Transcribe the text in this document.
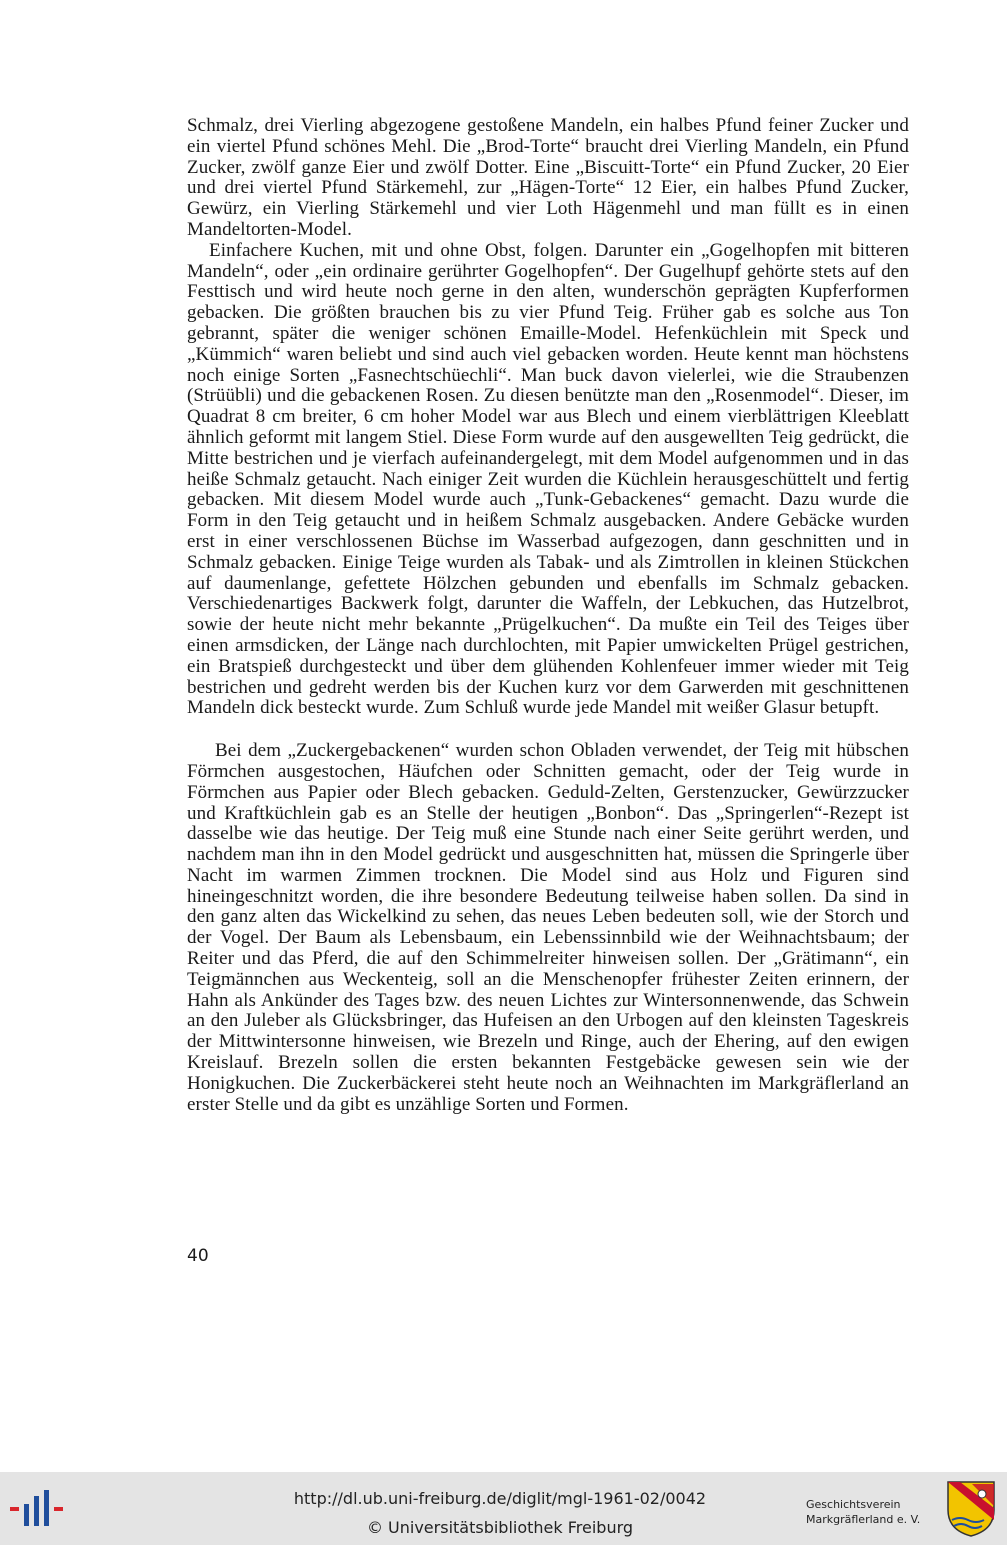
Schmalz, drei Vierling abgezogene gestoßene Mandeln, ein halbes Pfund feiner Zucker und ein viertel Pfund schönes Mehl. Die „Brod-Torte“ braucht drei Vierling Mandeln, ein Pfund Zucker, zwölf ganze Eier und zwölf Dotter. Eine „Biscuitt-Torte“ ein Pfund Zucker, 20 Eier und drei viertel Pfund Stärkemehl, zur „Hägen-Torte“ 12 Eier, ein halbes Pfund Zucker, Gewürz, ein Vierling Stärkemehl und vier Loth Hägenmehl und man füllt es in einen Mandeltorten-Model.

Einfachere Kuchen, mit und ohne Obst, folgen. Darunter ein „Gogelhopfen mit bitteren Mandeln“, oder „ein ordinaire gerührter Gogelhopfen“. Der Gugelhupf gehörte stets auf den Festtisch und wird heute noch gerne in den alten, wunderschön geprägten Kupferformen gebacken. Die größten brauchen bis zu vier Pfund Teig. Früher gab es solche aus Ton gebrannt, später die weniger schönen Emaille-Model. Hefenküchlein mit Speck und „Kümmich“ waren beliebt und sind auch viel gebacken worden. Heute kennt man höchstens noch einige Sorten „Fasnechtschüechli“. Man buck davon vielerlei, wie die Straubenzen (Strüübli) und die gebackenen Rosen. Zu diesen benützte man den „Rosenmodel“. Dieser, im Quadrat 8 cm breiter, 6 cm hoher Model war aus Blech und einem vierblättrigen Kleeblatt ähnlich geformt mit langem Stiel. Diese Form wurde auf den ausgewellten Teig gedrückt, die Mitte bestrichen und je vierfach aufeinandergelegt, mit dem Model aufgenommen und in das heiße Schmalz getaucht. Nach einiger Zeit wurden die Küchlein herausgeschüttelt und fertig gebacken. Mit diesem Model wurde auch „Tunk-Gebackenes“ gemacht. Dazu wurde die Form in den Teig getaucht und in heißem Schmalz ausgebacken. Andere Gebäcke wurden erst in einer verschlossenen Büchse im Wasserbad aufgezogen, dann geschnitten und in Schmalz gebacken. Einige Teige wurden als Tabak- und als Zimtrollen in kleinen Stückchen auf daumenlange, gefettete Hölzchen gebunden und ebenfalls im Schmalz gebacken. Verschiedenartiges Backwerk folgt, darunter die Waffeln, der Lebkuchen, das Hutzelbrot, sowie der heute nicht mehr bekannte „Prügelkuchen“. Da mußte ein Teil des Teiges über einen armsdicken, der Länge nach durchlochten, mit Papier umwickelten Prügel gestrichen, ein Bratspieß durchgesteckt und über dem glühenden Kohlenfeuer immer wieder mit Teig bestrichen und gedreht werden bis der Kuchen kurz vor dem Garwerden mit geschnittenen Mandeln dick besteckt wurde. Zum Schluß wurde jede Mandel mit weißer Glasur betupft.

Bei dem „Zuckergebackenen“ wurden schon Obladen verwendet, der Teig mit hübschen Förmchen ausgestochen, Häufchen oder Schnitten gemacht, oder der Teig wurde in Förmchen aus Papier oder Blech gebacken. Geduld-Zelten, Gerstenzucker, Gewürzzucker und Kraftküchlein gab es an Stelle der heutigen „Bonbon“. Das „Springerlen“-Rezept ist dasselbe wie das heutige. Der Teig muß eine Stunde nach einer Seite gerührt werden, und nachdem man ihn in den Model gedrückt und ausgeschnitten hat, müssen die Springerle über Nacht im warmen Zimmen trocknen. Die Model sind aus Holz und Figuren sind hineingeschnitzt worden, die ihre besondere Bedeutung teilweise haben sollen. Da sind in den ganz alten das Wickelkind zu sehen, das neues Leben bedeuten soll, wie der Storch und der Vogel. Der Baum als Lebensbaum, ein Lebenssinnbild wie der Weihnachtsbaum; der Reiter und das Pferd, die auf den Schimmelreiter hinweisen sollen. Der „Grätimann“, ein Teigmännchen aus Weckenteig, soll an die Menschenopfer frühester Zeiten erinnern, der Hahn als Ankünder des Tages bzw. des neuen Lichtes zur Wintersonnenwende, das Schwein an den Juleber als Glücksbringer, das Hufeisen an den Urbogen auf den kleinsten Tageskreis der Mittwintersonne hinweisen, wie Brezeln und Ringe, auch der Ehering, auf den ewigen Kreislauf. Brezeln sollen die ersten bekannten Festgebäcke gewesen sein wie der Honigkuchen. Die Zuckerbäckerei steht heute noch an Weihnachten im Markgräflerland an erster Stelle und da gibt es unzählige Sorten und Formen.

40
http://dl.ub.uni-freiburg.de/diglit/mgl-1961-02/0042
© Universitätsbibliothek Freiburg
Geschichtsverein
Markgräflerland e. V.
